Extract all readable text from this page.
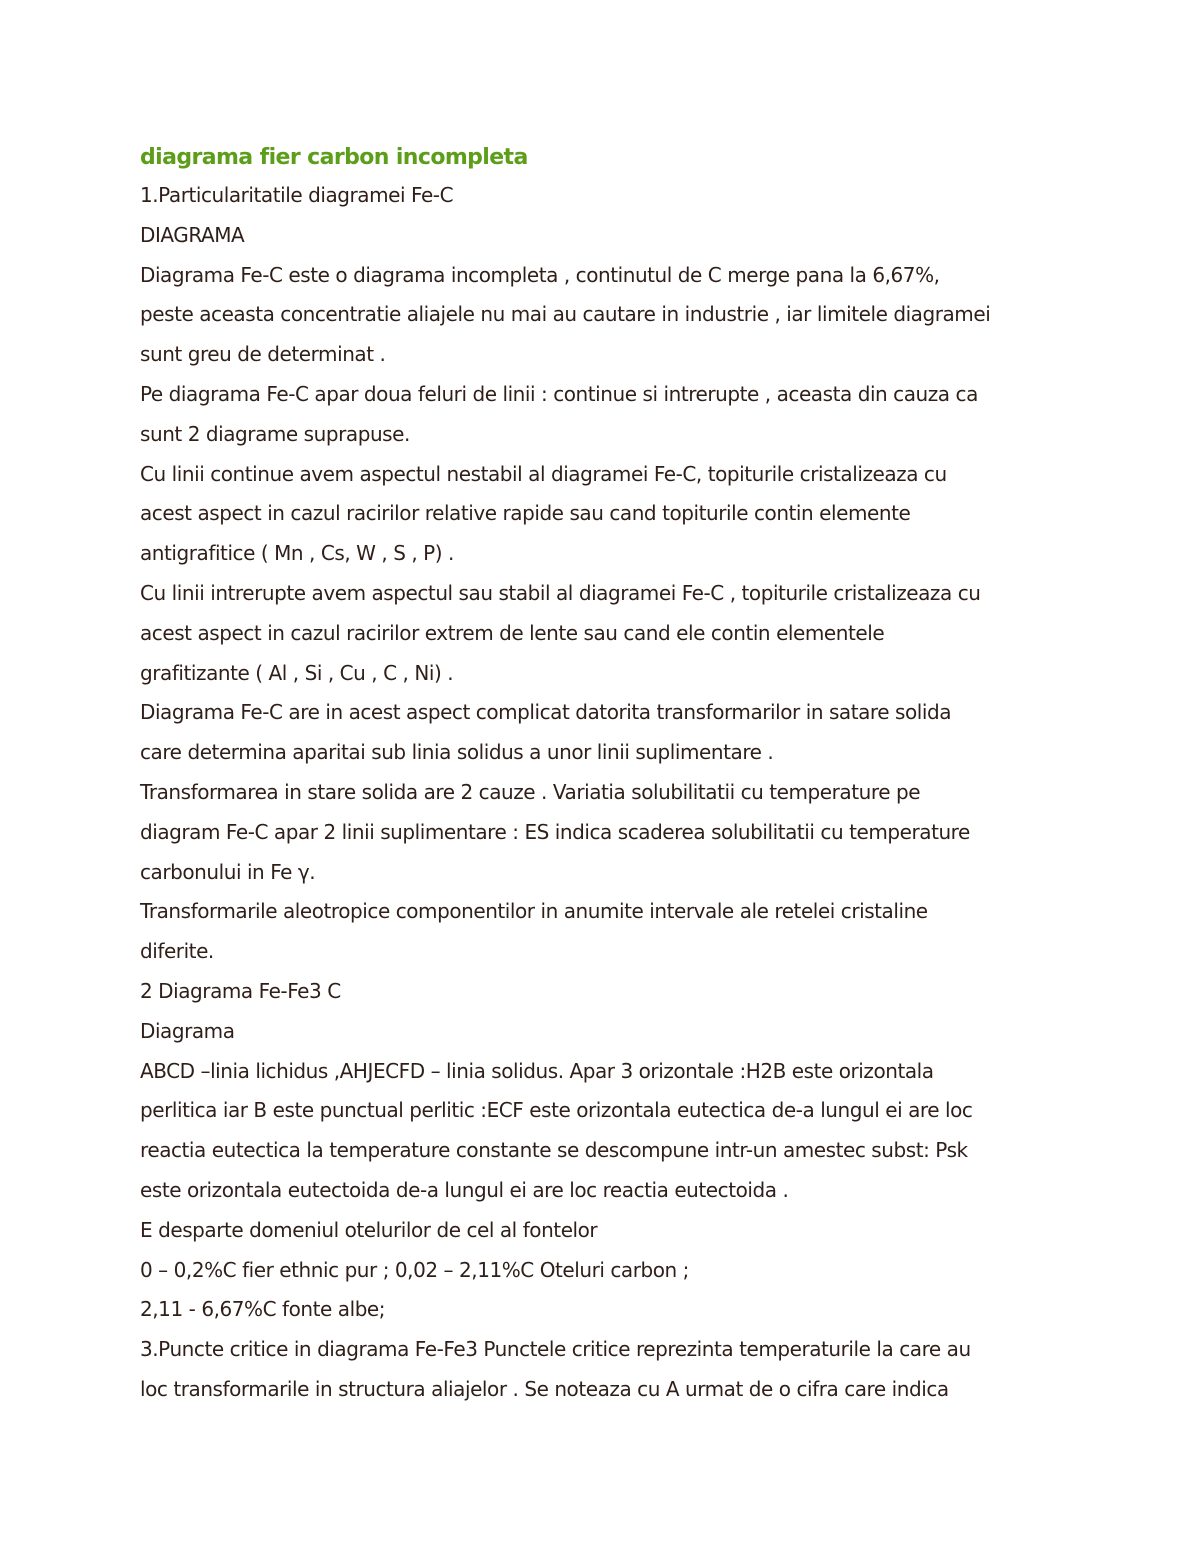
diagrama fier carbon incompleta
1.Particularitatile diagramei Fe-C
DIAGRAMA
Diagrama Fe-C este o diagrama incompleta , continutul de C merge pana la 6,67%,
peste aceasta concentratie aliajele nu mai au cautare in industrie , iar limitele diagramei
sunt greu de determinat .
Pe diagrama Fe-C apar doua feluri de linii : continue si intrerupte , aceasta din cauza ca
sunt 2 diagrame suprapuse.
Cu linii continue avem aspectul nestabil al diagramei Fe-C, topiturile cristalizeaza cu
acest aspect in cazul racirilor relative rapide sau cand topiturile contin elemente
antigrafitice ( Mn , Cs, W , S , P) .
Cu linii intrerupte avem aspectul sau stabil al diagramei Fe-C , topiturile cristalizeaza cu
acest aspect in cazul racirilor extrem de lente sau cand ele contin elementele
grafitizante ( Al , Si , Cu , C , Ni) .
Diagrama Fe-C are in acest aspect complicat datorita transformarilor in satare solida
care determina aparitai sub linia solidus a unor linii suplimentare .
Transformarea in stare solida are 2 cauze . Variatia solubilitatii cu temperature pe
diagram Fe-C apar 2 linii suplimentare : ES indica scaderea solubilitatii cu temperature
carbonului in Fe γ.
Transformarile aleotropice componentilor in anumite intervale ale retelei cristaline
diferite.
2 Diagrama Fe-Fe3 C
Diagrama
ABCD –linia lichidus ,AHJECFD – linia solidus. Apar 3 orizontale :H2B este orizontala
perlitica iar B este punctual perlitic :ECF este orizontala eutectica de-a lungul ei are loc
reactia eutectica la temperature constante se descompune intr-un amestec subst: Psk
este orizontala eutectoida de-a lungul ei are loc reactia eutectoida .
E desparte domeniul otelurilor de cel al fontelor
0 – 0,2%C fier ethnic pur ; 0,02 – 2,11%C Oteluri carbon ;
2,11 - 6,67%C fonte albe;
3.Puncte critice in diagrama Fe-Fe3 Punctele critice reprezinta temperaturile la care au
loc transformarile in structura aliajelor . Se noteaza cu A urmat de o cifra care indica
